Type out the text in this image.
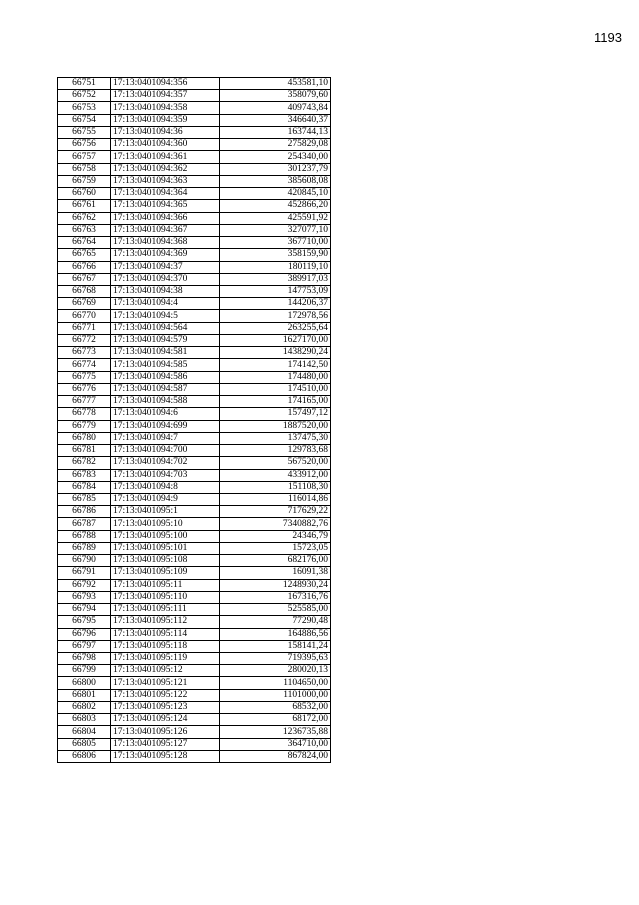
1193
66751	17:13:0401094:356	453581,10
66752	17:13:0401094:357	358079,60
66753	17:13:0401094:358	409743,84
66754	17:13:0401094:359	346640,37
66755	17:13:0401094:36	163744,13
66756	17:13:0401094:360	275829,08
66757	17:13:0401094:361	254340,00
66758	17:13:0401094:362	301237,79
66759	17:13:0401094:363	385608,08
66760	17:13:0401094:364	420845,10
66761	17:13:0401094:365	452866,20
66762	17:13:0401094:366	425591,92
66763	17:13:0401094:367	327077,10
66764	17:13:0401094:368	367710,00
66765	17:13:0401094:369	358159,90
66766	17:13:0401094:37	180119,10
66767	17:13:0401094:370	389917,03
66768	17:13:0401094:38	147753,09
66769	17:13:0401094:4	144206,37
66770	17:13:0401094:5	172978,56
66771	17:13:0401094:564	263255,64
66772	17:13:0401094:579	1627170,00
66773	17:13:0401094:581	1438290,24
66774	17:13:0401094:585	174142,50
66775	17:13:0401094:586	174480,00
66776	17:13:0401094:587	174510,00
66777	17:13:0401094:588	174165,00
66778	17:13:0401094:6	157497,12
66779	17:13:0401094:699	1887520,00
66780	17:13:0401094:7	137475,30
66781	17:13:0401094:700	129783,68
66782	17:13:0401094:702	567520,00
66783	17:13:0401094:703	433912,00
66784	17:13:0401094:8	151108,30
66785	17:13:0401094:9	116014,86
66786	17:13:0401095:1	717629,22
66787	17:13:0401095:10	7340882,76
66788	17:13:0401095:100	24346,79
66789	17:13:0401095:101	15723,05
66790	17:13:0401095:108	682176,00
66791	17:13:0401095:109	16091,38
66792	17:13:0401095:11	1248930,24
66793	17:13:0401095:110	167316,76
66794	17:13:0401095:111	525585,00
66795	17:13:0401095:112	77290,48
66796	17:13:0401095:114	164886,56
66797	17:13:0401095:118	158141,24
66798	17:13:0401095:119	719395,63
66799	17:13:0401095:12	280020,13
66800	17:13:0401095:121	1104650,00
66801	17:13:0401095:122	1101000,00
66802	17:13:0401095:123	68532,00
66803	17:13:0401095:124	68172,00
66804	17:13:0401095:126	1236735,88
66805	17:13:0401095:127	364710,00
66806	17:13:0401095:128	867824,00
